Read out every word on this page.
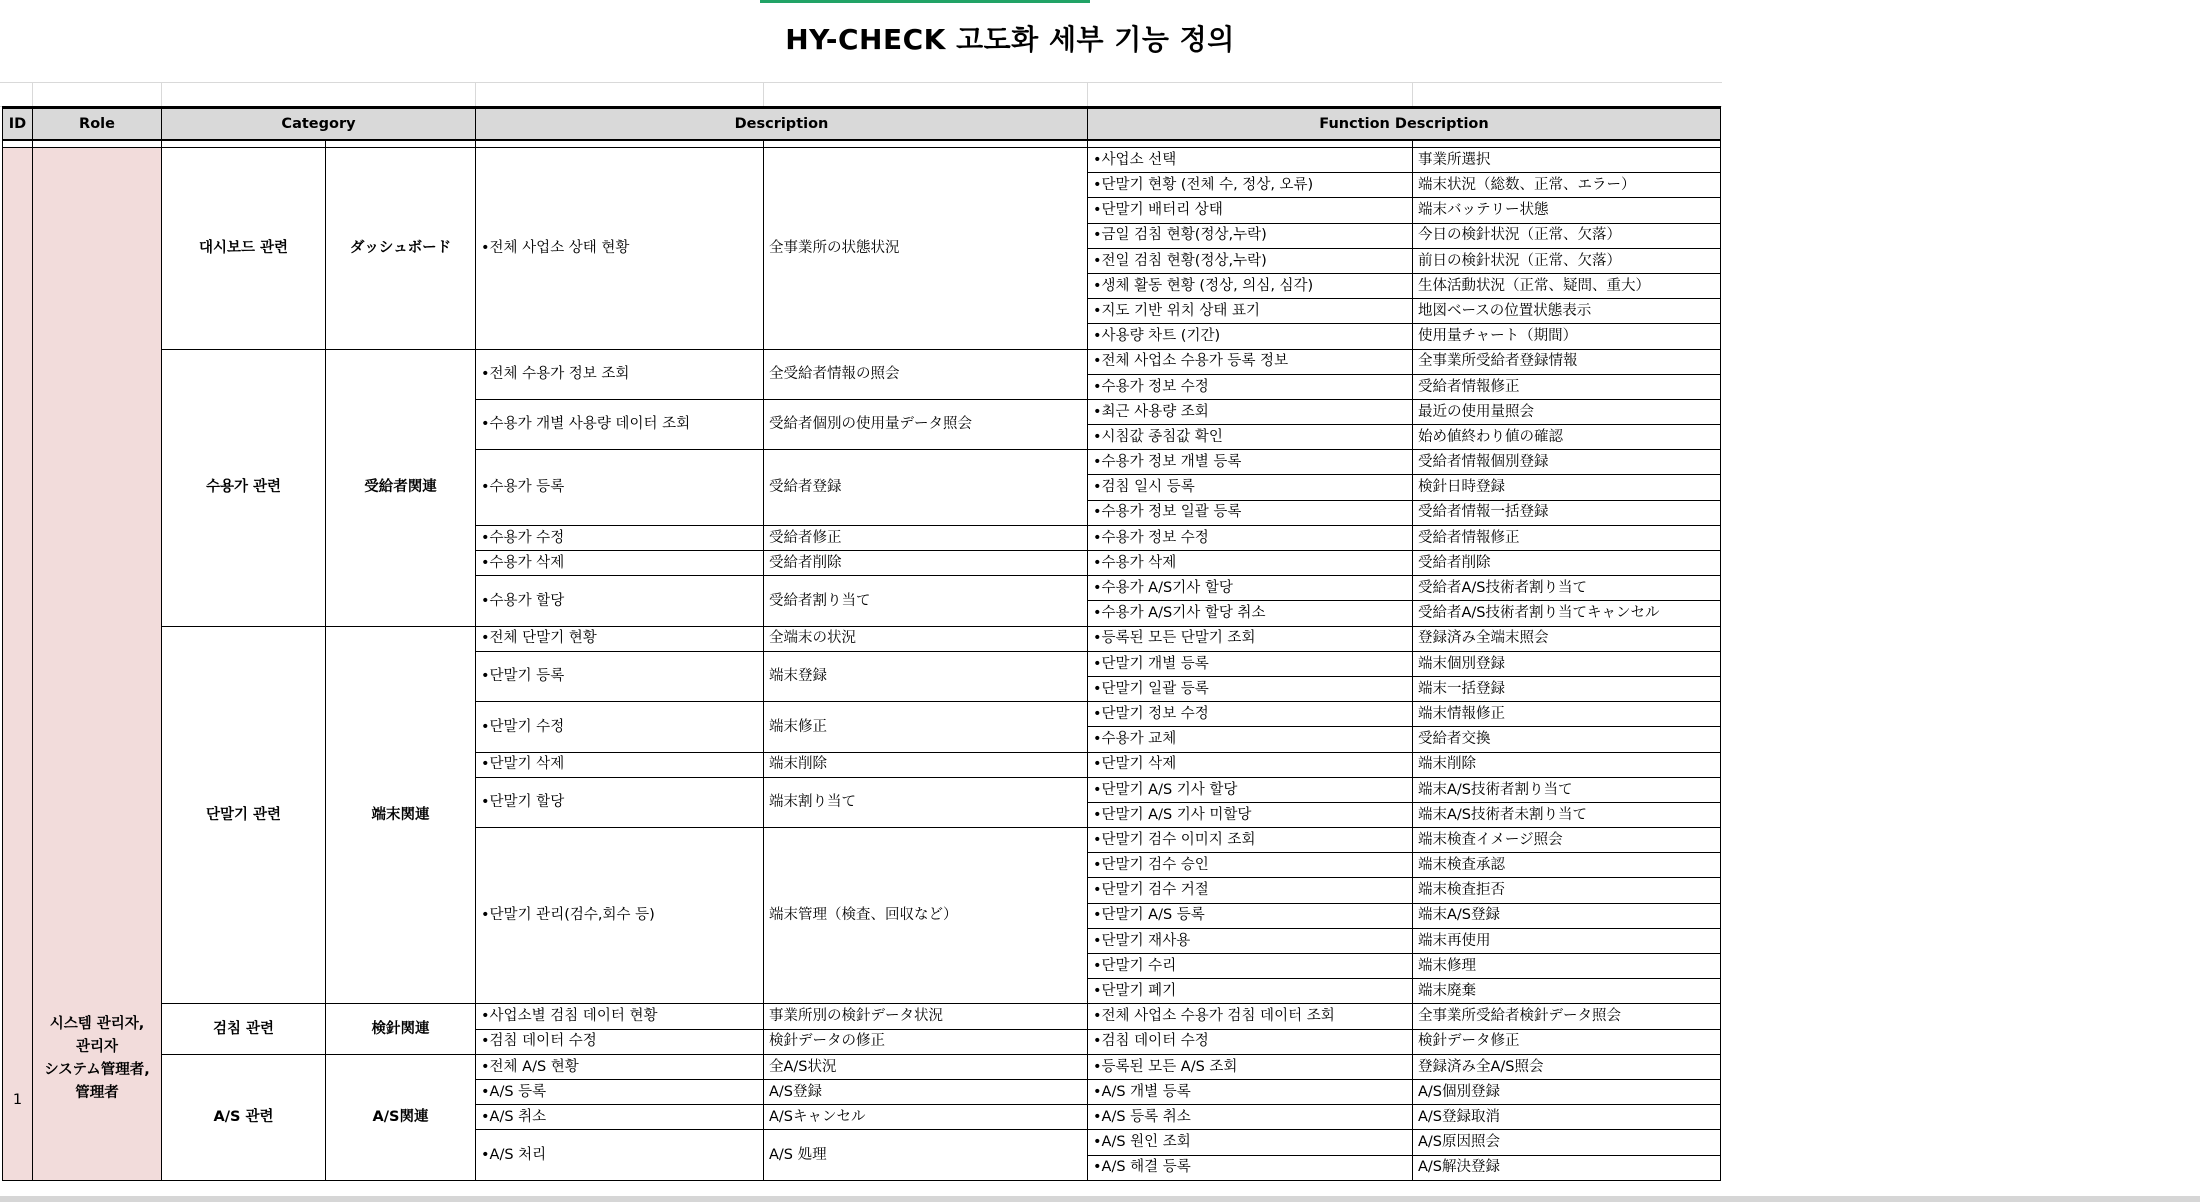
HY-CHECK 고도화 세부 기능 정의
ID	Role	Category		Description		Function Description	

1	시스템 관리자,
관리자
システム管理者,
管理者	대시보드 관련	ダッシュボード	•전체 사업소 상태 현황	全事業所の状態状況	•사업소 선택	事業所選択
						•단말기 현황 (전체 수, 정상, 오류)	端末状況（総数、正常、エラー）
						•단말기 배터리 상태	端末バッテリー状態
						•금일 검침 현황(정상,누락)	今日の検針状況（正常、欠落）
						•전일 검침 현황(정상,누락)	前日の検針状況（正常、欠落）
						•생체 활동 현황 (정상, 의심, 심각)	生体活動状況（正常、疑問、重大）
						•지도 기반 위치 상태 표기	地図ベースの位置状態表示
						•사용량 차트 (기간)	使用量チャート（期間）
		수용가 관련	受給者関連	•전체 수용가 정보 조회	全受給者情報の照会	•전체 사업소 수용가 등록 정보	全事業所受給者登録情報
						•수용가 정보 수정	受給者情報修正
				•수용가 개별 사용량 데이터 조회	受給者個別の使用量データ照会	•최근 사용량 조회	最近の使用量照会
						•시침값 종침값 확인	始め値終わり値の確認
				•수용가 등록	受給者登録	•수용가 정보 개별 등록	受給者情報個別登録
						•검침 일시 등록	検針日時登録
						•수용가 정보 일괄 등록	受給者情報一括登録
				•수용가 수정	受給者修正	•수용가 정보 수정	受給者情報修正
				•수용가 삭제	受給者削除	•수용가 삭제	受給者削除
				•수용가 할당	受給者割り当て	•수용가 A/S기사 할당	受給者A/S技術者割り当て
						•수용가 A/S기사 할당 취소	受給者A/S技術者割り当てキャンセル
		단말기 관련	端末関連	•전체 단말기 현황	全端末の状況	•등록된 모든 단말기 조회	登録済み全端末照会
				•단말기 등록	端末登録	•단말기 개별 등록	端末個別登録
						•단말기 일괄 등록	端末一括登録
				•단말기 수정	端末修正	•단말기 정보 수정	端末情報修正
						•수용가 교체	受給者交換
				•단말기 삭제	端末削除	•단말기 삭제	端末削除
				•단말기 할당	端末割り当て	•단말기 A/S 기사 할당	端末A/S技術者割り当て
						•단말기 A/S 기사 미할당	端末A/S技術者未割り当て
				•단말기 관리(검수,회수 등)	端末管理（検査、回収など）	•단말기 검수 이미지 조회	端末検査イメージ照会
						•단말기 검수 승인	端末検査承認
						•단말기 검수 거절	端末検査拒否
						•단말기 A/S 등록	端末A/S登録
						•단말기 재사용	端末再使用
						•단말기 수리	端末修理
						•단말기 폐기	端末廃棄
		검침 관련	検針関連	•사업소별 검침 데이터 현황	事業所別の検針データ状況	•전체 사업소 수용가 검침 데이터 조회	全事業所受給者検針データ照会
				•검침 데이터 수정	検針データの修正	•검침 데이터 수정	検針データ修正
		A/S 관련	A/S関連	•전체 A/S 현황	全A/S状況	•등록된 모든 A/S 조회	登録済み全A/S照会
				•A/S 등록	A/S登録	•A/S 개별 등록	A/S個別登録
				•A/S 취소	A/Sキャンセル	•A/S 등록 취소	A/S登録取消
				•A/S 처리	A/S 処理	•A/S 원인 조회	A/S原因照会
						•A/S 해결 등록	A/S解決登録
